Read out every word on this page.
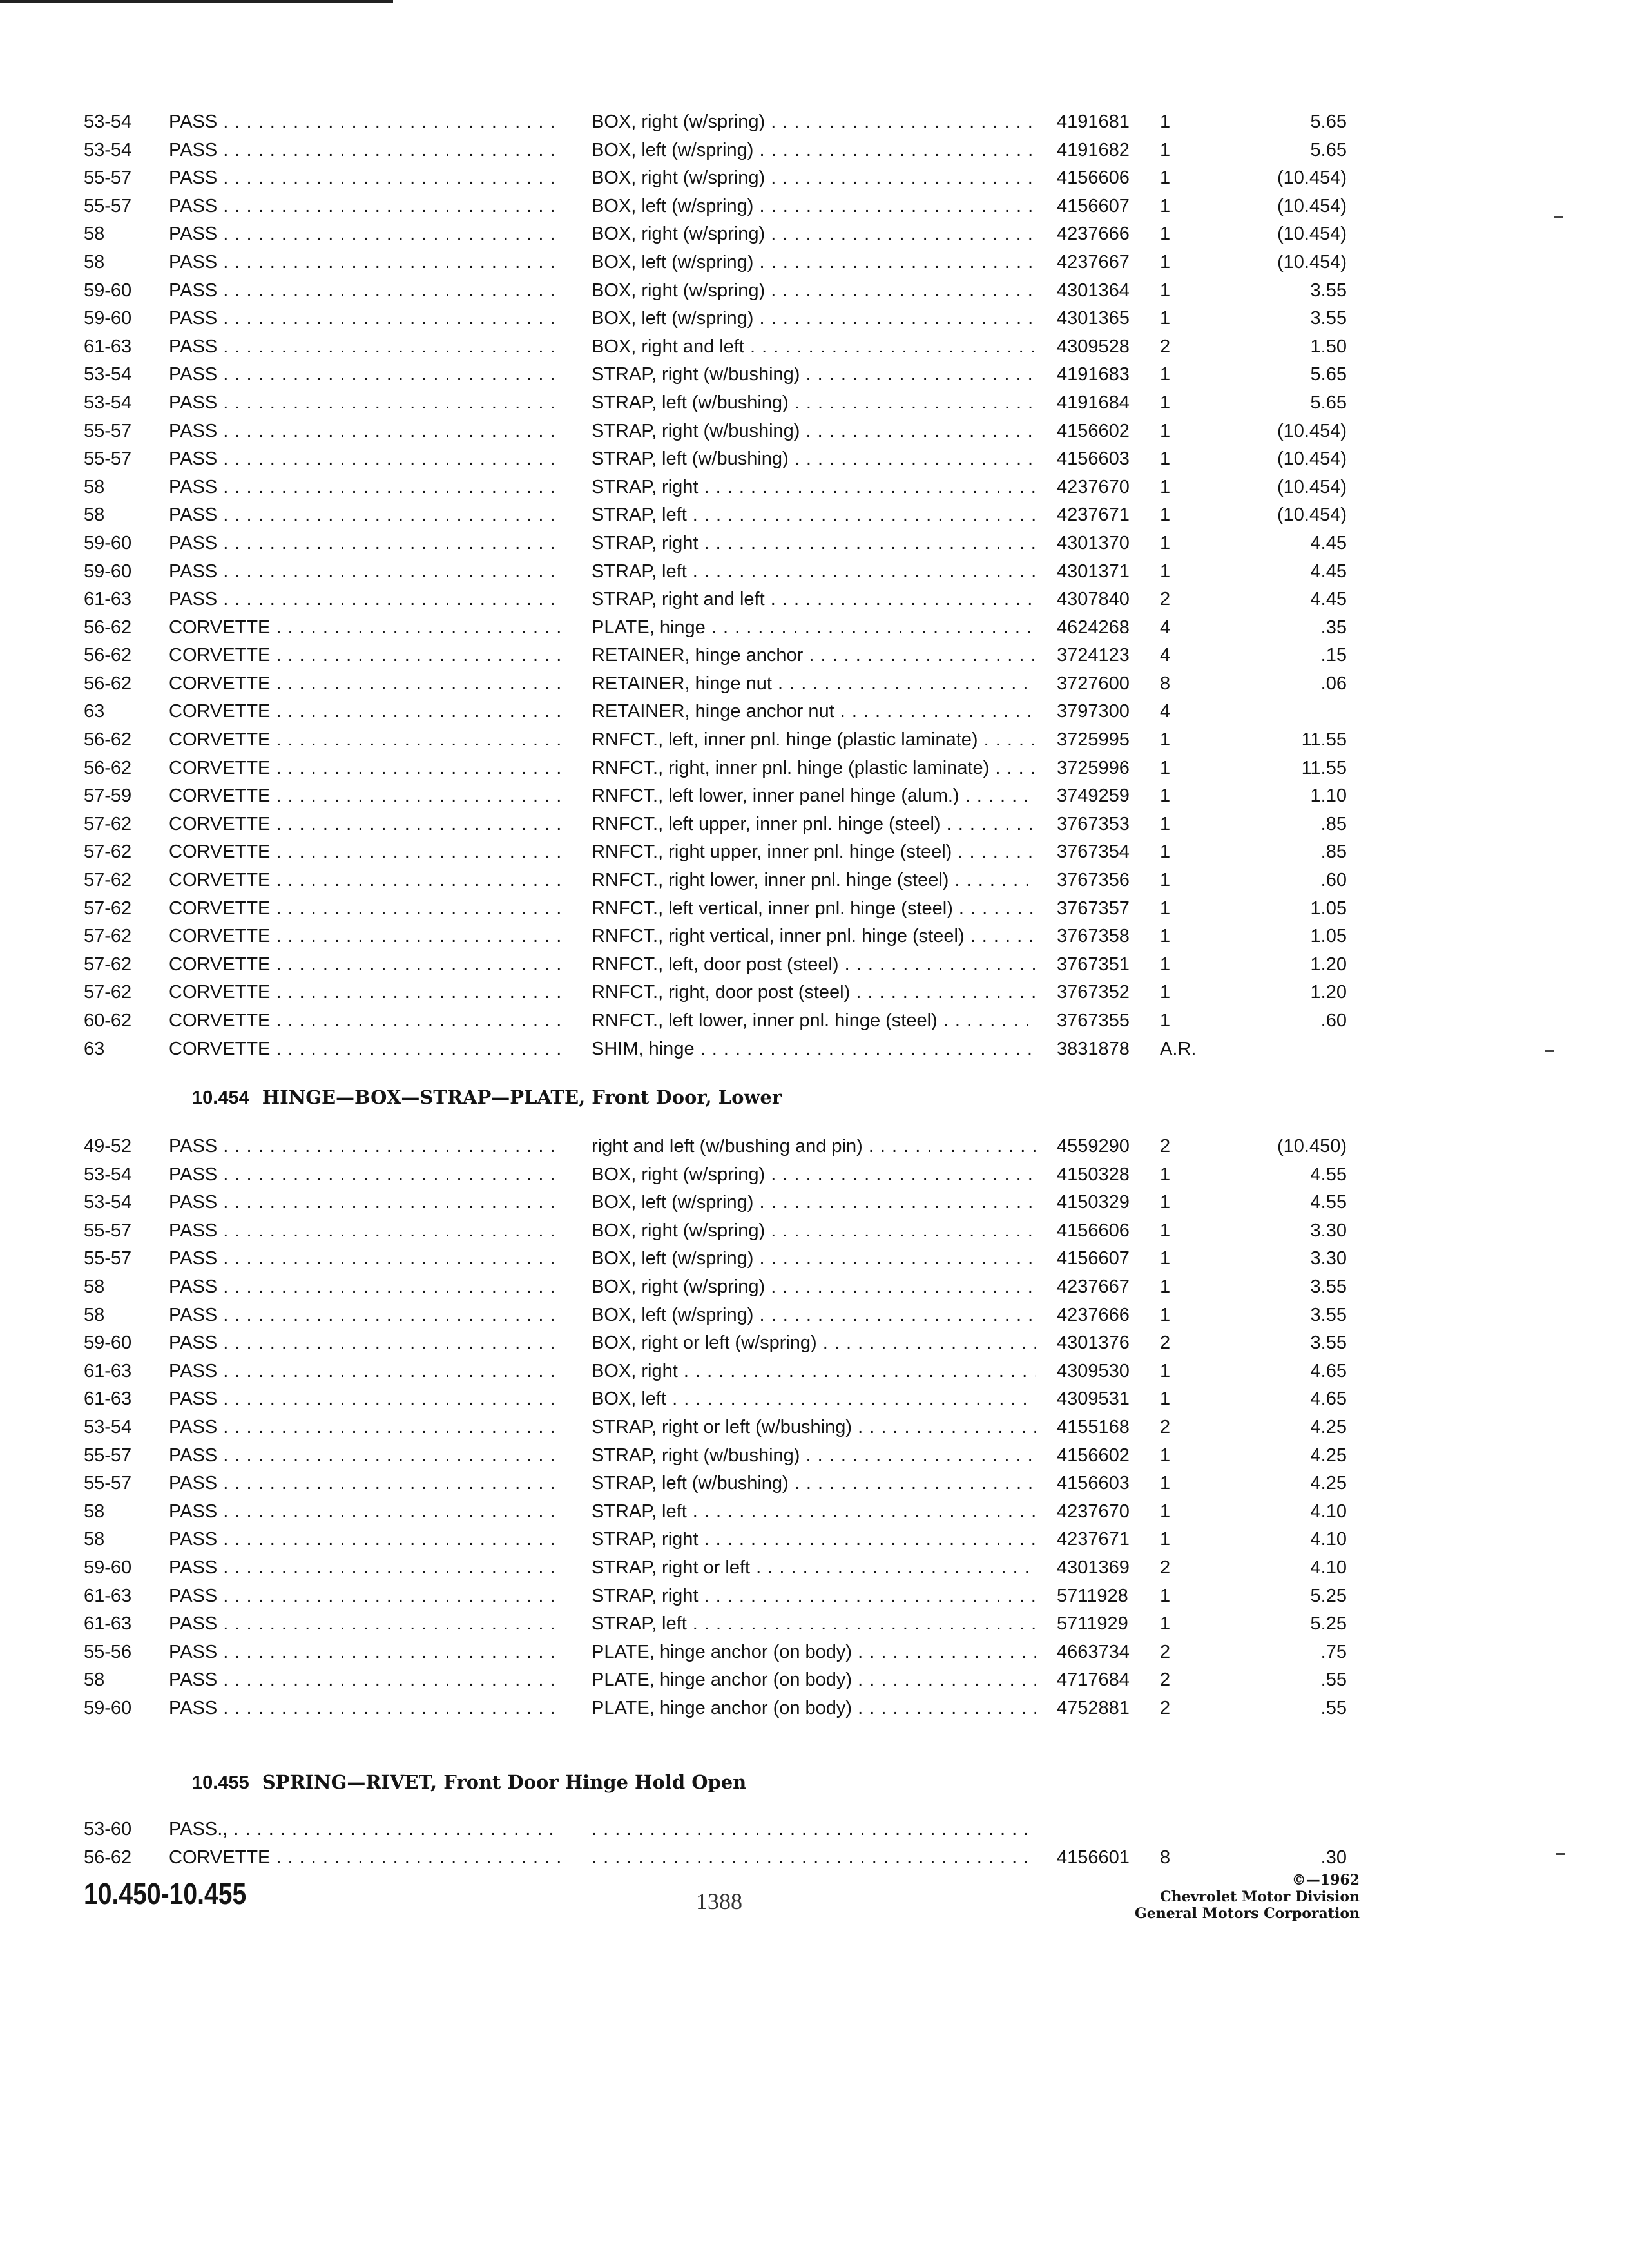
53-54 PASS . . .	BOX, right (w/spring) . . .	4191681 1	5.65
53-54 PASS . . .	BOX, left (w/spring) . . .	4191682 1	5.65
55-57 PASS . . .	BOX, right (w/spring) . . .	4156606 1	(10.454)
55-57 PASS . . .	BOX, left (w/spring) . . .	4156607 1	(10.454)
58	PASS . . .	BOX, right (w/spring) . . .	4237666 1	(10.454)
58	PASS . . .	BOX, left (w/spring) . . .	4237667 1	(10.454)
59-60 PASS . . .	BOX, right (w/spring) . . .	4301364 1	3.55
59-60 PASS . . .	BOX, left (w/spring) . . .	4301365 1	3.55
61-63 PASS . . .	BOX, right and left . . .	4309528 2	1.50
53-54 PASS . . .	STRAP, right (w/bushing) . . .	4191683 1	5.65
53-54 PASS . . .	STRAP, left (w/bushing) . . .	4191684 1	5.65
55-57 PASS . . .	STRAP, right (w/bushing) . . .	4156602 1	(10.454)
55-57 PASS . . .	STRAP, left (w/bushing) . . .	4156603 1	(10.454)
58	PASS . . .	STRAP, right . . .	4237670 1	(10.454)
58	PASS . . .	STRAP, left . . .	4237671 1	(10.454)
59-60 PASS . . .	STRAP, right . . .	4301370 1	4.45
59-60 PASS . . .	STRAP, left . . .	4301371 1	4.45
61-63 PASS . . .	STRAP, right and left . . .	4307840 2	4.45
56-62 CORVETTE . . .	PLATE, hinge . . .	4624268 4	.35
56-62 CORVETTE . . .	RETAINER, hinge anchor . . .	3724123 4	.15
56-62 CORVETTE . . .	RETAINER, hinge nut . . .	3727600 8	.06
63	CORVETTE . . .	RETAINER, hinge anchor nut . . .	3797300 4
56-62 CORVETTE . . .	RNFCT., left, inner pnl. hinge (plastic laminate) . . .	3725995 1	11.55
56-62 CORVETTE . . .	RNFCT., right, inner pnl. hinge (plastic laminate) . . .	3725996 1	11.55
57-59 CORVETTE . . .	RNFCT., left lower, inner panel hinge (alum.) . . .	3749259 1	1.10
57-62 CORVETTE . . .	RNFCT., left upper, inner pnl. hinge (steel) . . .	3767353 1	.85
57-62 CORVETTE . . .	RNFCT., right upper, inner pnl. hinge (steel) . . .	3767354 1	.85
57-62 CORVETTE . . .	RNFCT., right lower, inner pnl. hinge (steel) . . .	3767356 1	.60
57-62 CORVETTE . . .	RNFCT., left vertical, inner pnl. hinge (steel) . . .	3767357 1	1.05
57-62 CORVETTE . . .	RNFCT., right vertical, inner pnl. hinge (steel) . . .	3767358 1	1.05
57-62 CORVETTE . . .	RNFCT., left, door post (steel) . . .	3767351 1	1.20
57-62 CORVETTE . . .	RNFCT., right, door post (steel) . . .	3767352 1	1.20
60-62 CORVETTE . . .	RNFCT., left lower, inner pnl. hinge (steel) . . .	3767355 1	.60
63	CORVETTE . . .	SHIM, hinge . . .	3831878 A.R.
10.454 HINGE—BOX—STRAP—PLATE, Front Door, Lower
49-52 PASS . . .	right and left (w/bushing and pin) . . .	4559290 2	(10.450)
53-54 PASS . . .	BOX, right (w/spring) . . .	4150328 1	4.55
53-54 PASS . . .	BOX, left (w/spring) . . .	4150329 1	4.55
55-57 PASS . . .	BOX, right (w/spring) . . .	4156606 1	3.30
55-57 PASS . . .	BOX, left (w/spring) . . .	4156607 1	3.30
58	PASS . . .	BOX, right (w/spring) . . .	4237667 1	3.55
58	PASS . . .	BOX, left (w/spring) . . .	4237666 1	3.55
59-60 PASS . . .	BOX, right or left (w/spring) . . .	4301376 2	3.55
61-63 PASS . . .	BOX, right . . .	4309530 1	4.65
61-63 PASS . . .	BOX, left . . .	4309531 1	4.65
53-54 PASS . . .	STRAP, right or left (w/bushing) . . .	4155168 2	4.25
55-57 PASS . . .	STRAP, right (w/bushing) . . .	4156602 1	4.25
55-57 PASS . . .	STRAP, left (w/bushing) . . .	4156603 1	4.25
58	PASS . . .	STRAP, left . . .	4237670 1	4.10
58	PASS . . .	STRAP, right . . .	4237671 1	4.10
59-60 PASS . . .	STRAP, right or left . . .	4301369 2	4.10
61-63 PASS . . .	STRAP, right . . .	5711928 1	5.25
61-63 PASS . . .	STRAP, left . . .	5711929 1	5.25
55-56 PASS . . .	PLATE, hinge anchor (on body) . . .	4663734 2	.75
58	PASS . . .	PLATE, hinge anchor (on body) . . .	4717684 2	.55
59-60 PASS . . .	PLATE, hinge anchor (on body) . . .	4752881 2	.55
10.455 SPRING—RIVET, Front Door Hinge Hold Open
53-60 PASS., . . .
. . .
56-62 CORVETTE . . .
. . .	4156601 8	.30
10.450-10.455	1388
©—1962
Chevrolet Motor Division
General Motors Corporation
